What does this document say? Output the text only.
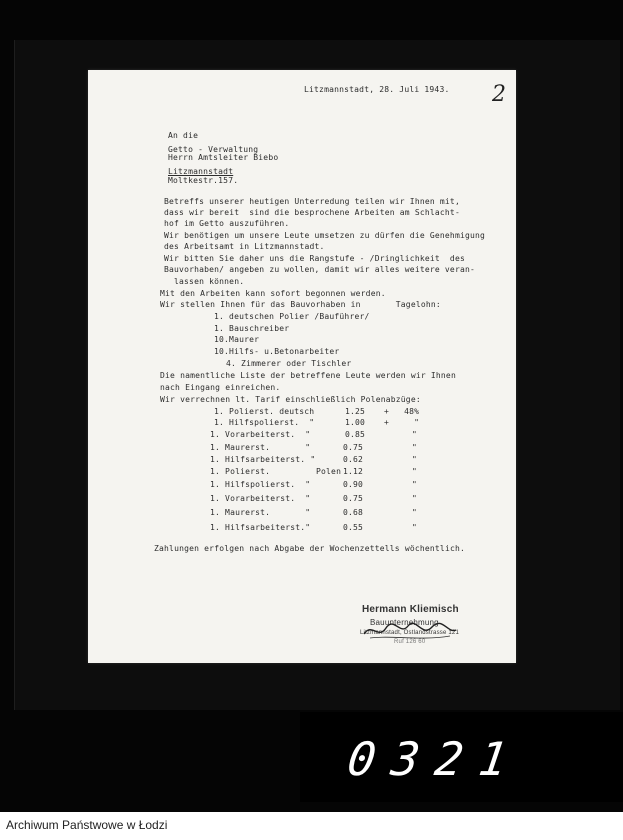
Litzmannstadt, 28. Juli 1943. 2
An die
Getto - Verwaltung
Herrn Amtsleiter Biebo
Litzmannstadt
Moltkestr.157.
Betreffs unserer heutigen Unterredung teilen wir Ihnen mit,
dass wir bereit  sind die besprochene Arbeiten am Schlacht-
hof im Getto auszuführen.
Wir benötigen um unsere Leute umsetzen zu dürfen die Genehmigung
des Arbeitsamt in Litzmannstadt.
Wir bitten Sie daher uns die Rangstufe - /Dringlichkeit  des
Bauvorhaben/ angeben zu wollen, damit wir alles weitere veran-
lassen können.
Mit den Arbeiten kann sofort begonnen werden.
Wir stellen Ihnen für das Bauvorhaben in       Tagelohn:
1. deutschen Polier /Bauführer/
1. Bauschreiber
10.Maurer
10.Hilfs- u.Betonarbeiter
4. Zimmerer oder Tischler
Die namentliche Liste der betreffene Leute werden wir Ihnen
nach Eingang einreichen.
Wir verrechnen lt. Tarif einschließlich Polenabzüge:
1. Polierst. deutsch	1.25 +   48%
1. Hilfspolierst.  "	1.00 +     "
1. Vorarbeiterst.  "	0.85	"
1. Maurerst.       "	0.75	"
1. Hilfsarbeiterst. "	0.62	"
1. Polierst.	Polen 1.12	"
1. Hilfspolierst.  "	0.90	"
1. Vorarbeiterst.  "	0.75	"
1. Maurerst.       "	0.68	"
1. Hilfsarbeiterst."	0.55	"
Zahlungen erfolgen nach Abgabe der Wochenzettells wöchentlich.
Hermann Kliemisch
Bauunternehmung
Litzmannstadt, Ostlandstrasse 121
Ruf 126 60
0321
Archiwum Państwowe w Łodzi
